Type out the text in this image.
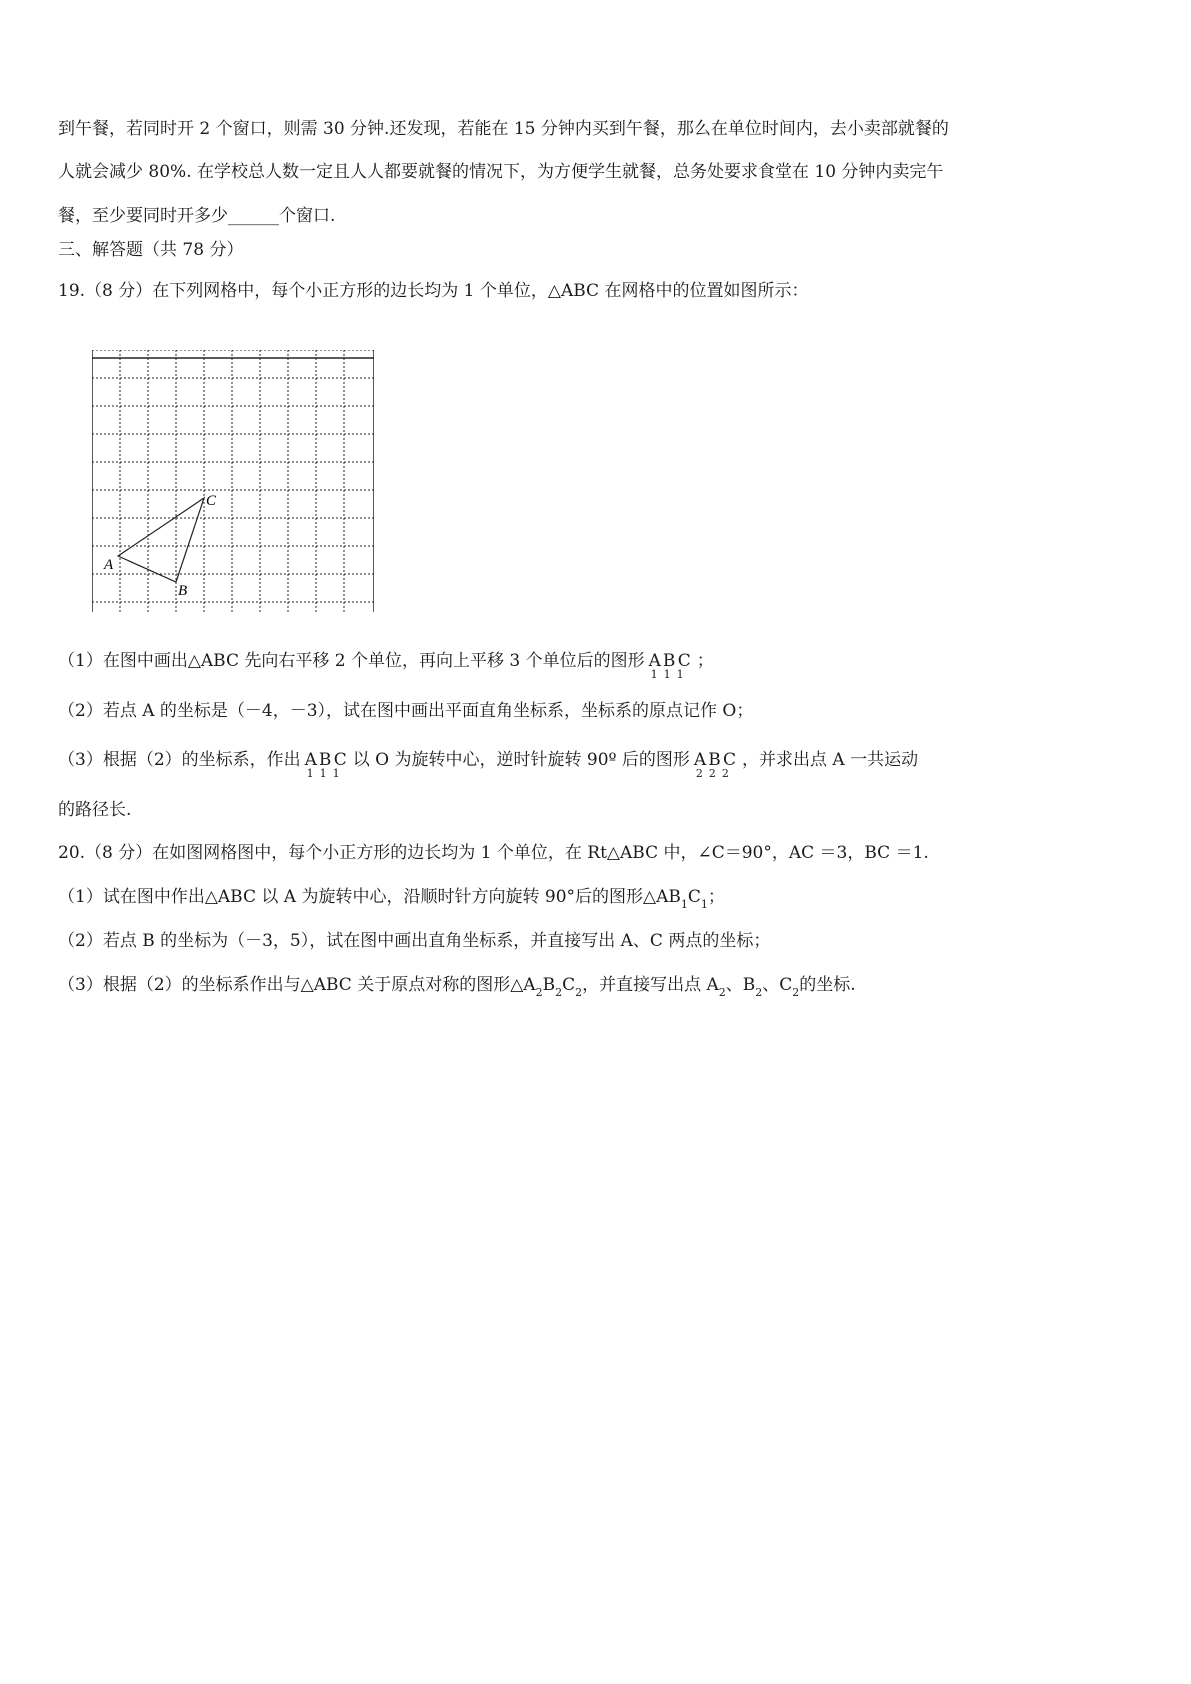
到午餐，若同时开 2 个窗口，则需 30 分钟.还发现，若能在 15 分钟内买到午餐，那么在单位时间内，去小卖部就餐的
人就会减少 80%. 在学校总人数一定且人人都要就餐的情况下，为方便学生就餐，总务处要求食堂在 10 分钟内卖完午
餐，至少要同时开多少______个窗口.
三、解答题（共 78 分）
19.（8 分）在下列网格中，每个小正方形的边长均为 1 个单位，△ABC 在网格中的位置如图所示：
A
B
C
（1）在图中画出△ABC 先向右平移 2 个单位，再向上平移 3 个单位后的图形 ABC
111
；
（2）若点 A 的坐标是（－4，－3），试在图中画出平面直角坐标系，坐标系的原点记作 O；
（3）根据（2）的坐标系，作出 ABC
111
以 O 为旋转中心，逆时针旋转 90º 后的图形 ABC
222
，并求出点 A 一共运动
的路径长.
20.（8 分）在如图网格图中，每个小正方形的边长均为 1 个单位，在 Rt△ABC 中，∠C＝90°，AC ＝3，BC ＝1.
（1）试在图中作出△ABC 以 A 为旋转中心，沿顺时针方向旋转 90°后的图形△AB1C1；
（2）若点 B 的坐标为（－3，5），试在图中画出直角坐标系，并直接写出 A、C 两点的坐标；
（3）根据（2）的坐标系作出与△ABC 关于原点对称的图形△A2B2C2，并直接写出点 A2、B2、C2的坐标.
